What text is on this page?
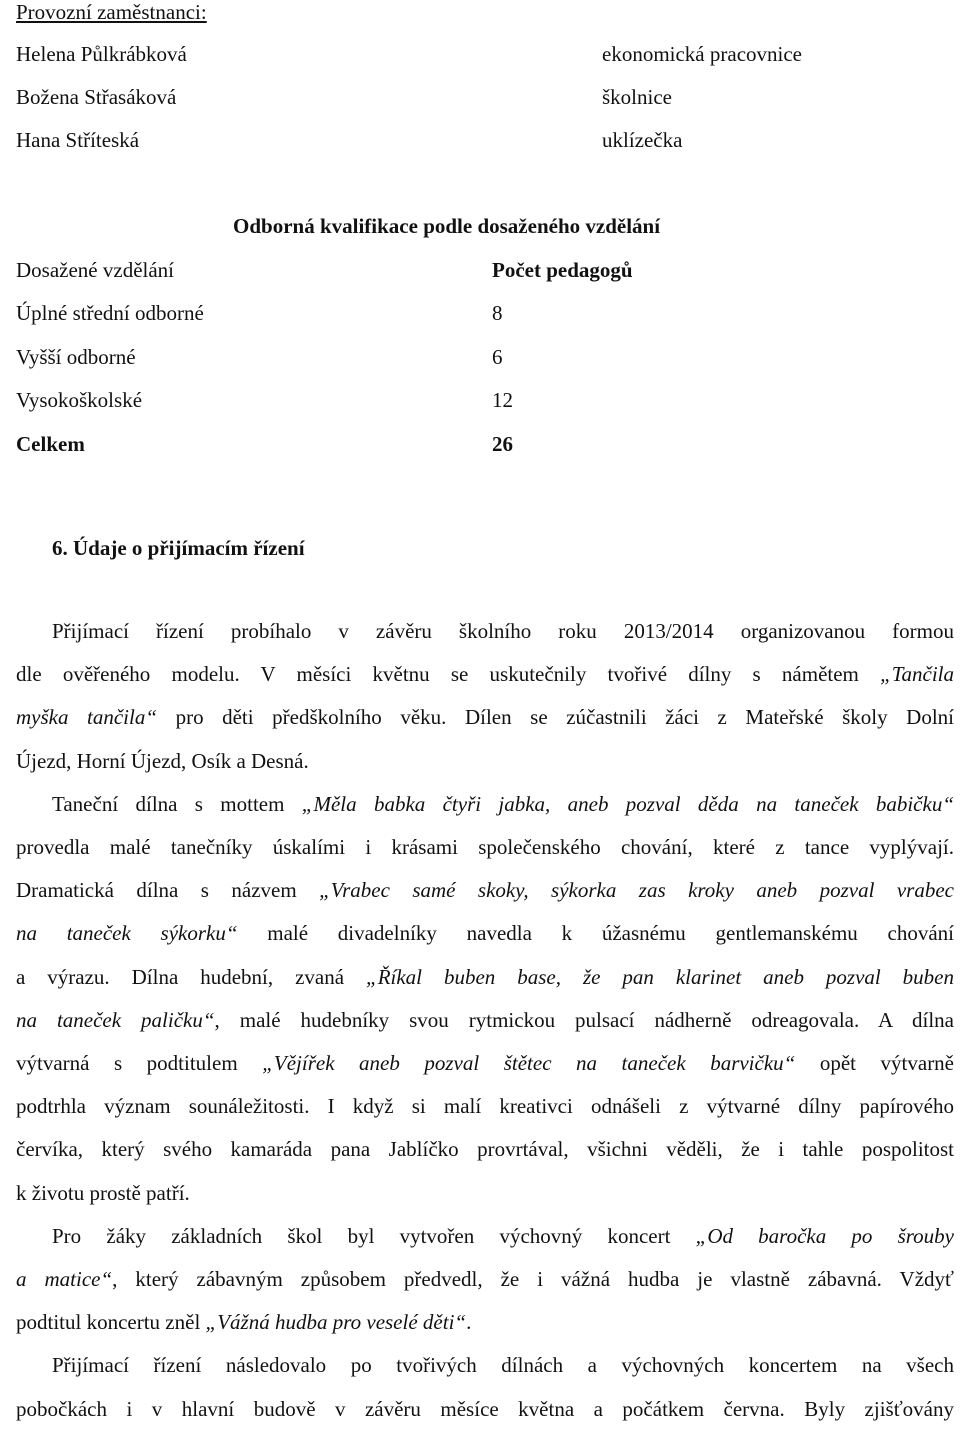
Provozní zaměstnanci:
Helena Půlkrábková	ekonomická pracovnice
Božena Střasáková	školnice
Hana Stříteská	uklízečka
Odborná kvalifikace podle dosaženého vzdělání
Dosažené vzdělání	Počet pedagogů
Úplné střední odborné	8
Vyšší odborné	6
Vysokoškolské	12
Celkem	26
6. Údaje o přijímacím řízení
Přijímací řízení probíhalo v závěru školního roku 2013/2014 organizovanou formou
dle ověřeného modelu. V měsíci květnu se uskutečnily tvořivé dílny s námětem „Tančila
myška tančila“ pro děti předškolního věku. Dílen se zúčastnili žáci z Mateřské školy Dolní
Újezd, Horní Újezd, Osík a Desná.
Taneční dílna s mottem „Měla babka čtyři jabka, aneb pozval děda na taneček babičku“
provedla malé tanečníky úskalími i krásami společenského chování, které z tance vyplývají.
Dramatická dílna s názvem „Vrabec samé skoky, sýkorka zas kroky aneb pozval vrabec
na taneček sýkorku“ malé divadelníky navedla k úžasnému gentlemanskému chování
a výrazu. Dílna hudební, zvaná „Říkal buben base, že pan klarinet aneb pozval buben
na taneček paličku“, malé hudebníky svou rytmickou pulsací nádherně odreagovala. A dílna
výtvarná s podtitulem „Vějířek aneb pozval štětec na taneček barvičku“ opět výtvarně
podtrhla význam sounáležitosti. I když si malí kreativci odnášeli z výtvarné dílny papírového
červíka, který svého kamaráda pana Jablíčko provrtával, všichni věděli, že i tahle pospolitost
k životu prostě patří.
Pro žáky základních škol byl vytvořen výchovný koncert „Od baročka po šrouby
a matice“, který zábavným způsobem předvedl, že i vážná hudba je vlastně zábavná. Vždyť
podtitul koncertu zněl „Vážná hudba pro veselé děti“.
Přijímací řízení následovalo po tvořivých dílnách a výchovných koncertem na všech
pobočkách i v hlavní budově v závěru měsíce května a počátkem června. Byly zjišťovány
